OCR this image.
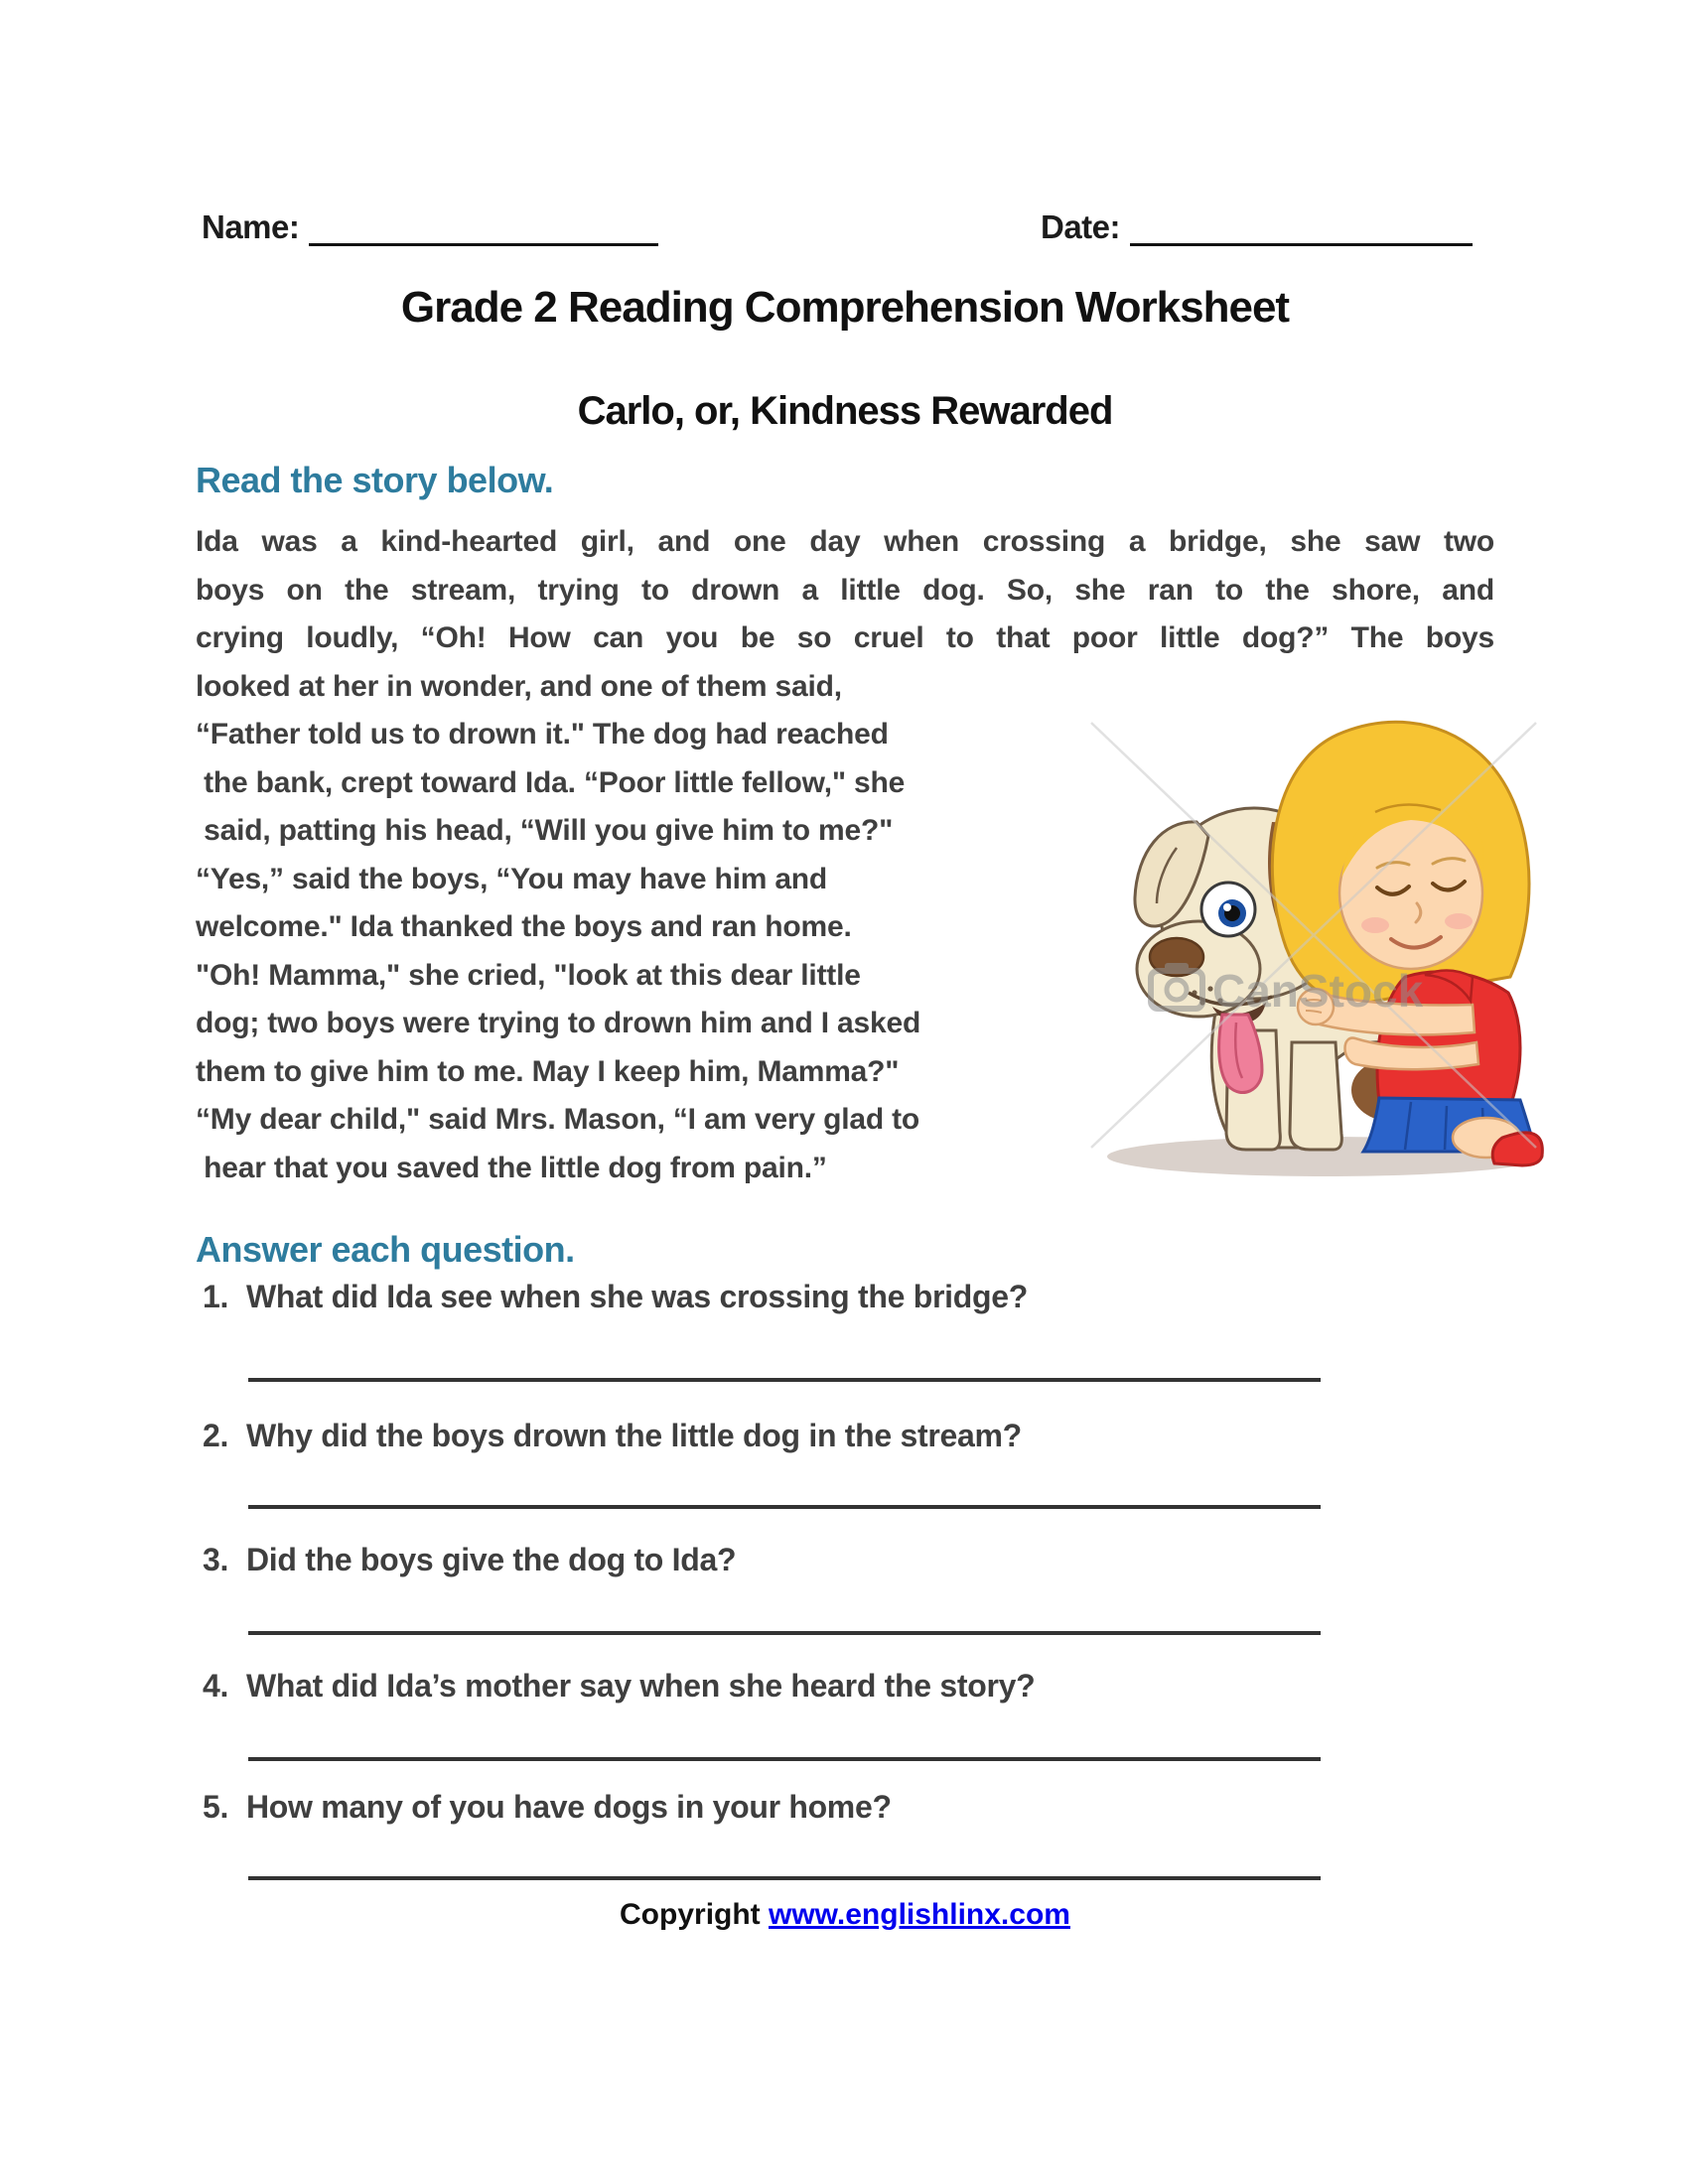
Name:	Date:
Grade 2 Reading Comprehension Worksheet
Carlo, or, Kindness Rewarded
Read the story below.
Ida was a kind-hearted girl, and one day when crossing a bridge, she saw two
boys on the stream, trying to drown a little dog. So, she ran to the shore, and
crying loudly, “Oh! How can you be so cruel to that poor little dog?” The boys
looked at her in wonder, and one of them said,
“Father told us to drown it." The dog had reached
the bank, crept toward Ida. “Poor little fellow," she
said, patting his head, “Will you give him to me?"
“Yes,” said the boys, “You may have him and
welcome." Ida thanked the boys and ran home.
"Oh! Mamma," she cried, "look at this dear little
dog; two boys were trying to drown him and I asked
them to give him to me. May I keep him, Mamma?"
“My dear child," said Mrs. Mason, “I am very glad to
hear that you saved the little dog from pain.”
CanStock
Answer each question.
1. What did Ida see when she was crossing the bridge?
2. Why did the boys drown the little dog in the stream?
3. Did the boys give the dog to Ida?
4. What did Ida’s mother say when she heard the story?
5. How many of you have dogs in your home?
Copyright www.englishlinx.com
